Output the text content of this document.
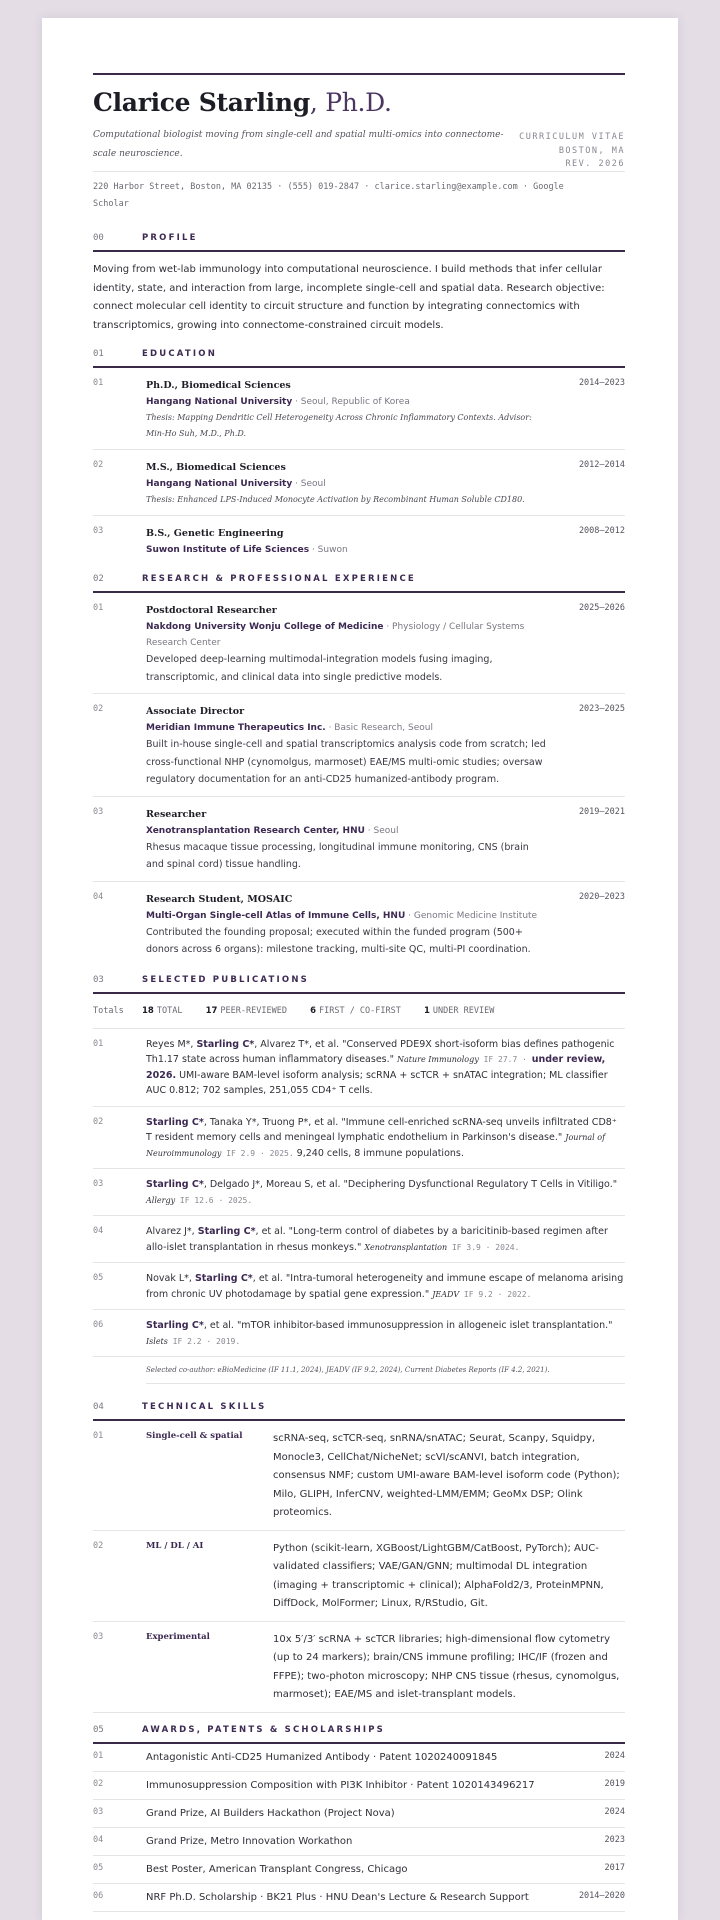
Clarice Starling, Ph.D.
Computational biologist moving from single-cell and spatial multi-omics into connectome-scale neuroscience.
CURRICULUM VITAE
BOSTON, MA
REV. 2026
220 Harbor Street, Boston, MA 02135 · (555) 019-2847 · clarice.starling@example.com · Google Scholar
00	PROFILE
Moving from wet-lab immunology into computational neuroscience. I build methods that infer cellular identity, state, and interaction from large, incomplete single-cell and spatial data. Research objective: connect molecular cell identity to circuit structure and function by integrating connectomics with transcriptomics, growing into connectome-constrained circuit models.
01	EDUCATION
01	2014–2023
Ph.D., Biomedical Sciences
Hangang National University · Seoul, Republic of Korea
Thesis: Mapping Dendritic Cell Heterogeneity Across Chronic Inflammatory Contexts. Advisor: Min-Ho Suh, M.D., Ph.D.
02	2012–2014
M.S., Biomedical Sciences
Hangang National University · Seoul
Thesis: Enhanced LPS-Induced Monocyte Activation by Recombinant Human Soluble CD180.
03	2008–2012
B.S., Genetic Engineering
Suwon Institute of Life Sciences · Suwon
02	RESEARCH & PROFESSIONAL EXPERIENCE
01	2025–2026
Postdoctoral Researcher
Nakdong University Wonju College of Medicine · Physiology / Cellular Systems Research Center
Developed deep-learning multimodal-integration models fusing imaging, transcriptomic, and clinical data into single predictive models.
02	2023–2025
Associate Director
Meridian Immune Therapeutics Inc. · Basic Research, Seoul
Built in-house single-cell and spatial transcriptomics analysis code from scratch; led cross-functional NHP (cynomolgus, marmoset) EAE/MS multi-omic studies; oversaw regulatory documentation for an anti-CD25 humanized-antibody program.
03	2019–2021
Researcher
Xenotransplantation Research Center, HNU · Seoul
Rhesus macaque tissue processing, longitudinal immune monitoring, CNS (brain and spinal cord) tissue handling.
04	2020–2023
Research Student, MOSAIC
Multi-Organ Single-cell Atlas of Immune Cells, HNU · Genomic Medicine Institute
Contributed the founding proposal; executed within the funded program (500+ donors across 6 organs): milestone tracking, multi-site QC, multi-PI coordination.
03	SELECTED PUBLICATIONS
Totals 18 TOTAL	17 PEER-REVIEWED	6 FIRST / CO-FIRST	1 UNDER REVIEW
01	Reyes M*, Starling C*, Alvarez T*, et al. "Conserved PDE9X short-isoform bias defines pathogenic Th1.17 state across human inflammatory diseases." Nature Immunology IF 27.7 · under review, 2026. UMI-aware BAM-level isoform analysis; scRNA + scTCR + snATAC integration; ML classifier AUC 0.812; 702 samples, 251,055 CD4⁺ T cells.
02	Starling C*, Tanaka Y*, Truong P*, et al. "Immune cell-enriched scRNA-seq unveils infiltrated CD8⁺ T resident memory cells and meningeal lymphatic endothelium in Parkinson's disease." Journal of Neuroimmunology IF 2.9 · 2025. 9,240 cells, 8 immune populations.
03	Starling C*, Delgado J*, Moreau S, et al. "Deciphering Dysfunctional Regulatory T Cells in Vitiligo." Allergy IF 12.6 · 2025.
04	Alvarez J*, Starling C*, et al. "Long-term control of diabetes by a baricitinib-based regimen after allo-islet transplantation in rhesus monkeys." Xenotransplantation IF 3.9 · 2024.
05	Novak L*, Starling C*, et al. "Intra-tumoral heterogeneity and immune escape of melanoma arising from chronic UV photodamage by spatial gene expression." JEADV IF 9.2 · 2022.
06	Starling C*, et al. "mTOR inhibitor-based immunosuppression in allogeneic islet transplantation." Islets IF 2.2 · 2019.
Selected co-author: eBioMedicine (IF 11.1, 2024), JEADV (IF 9.2, 2024), Current Diabetes Reports (IF 4.2, 2021).
04	TECHNICAL SKILLS
01	Single-cell & spatial	scRNA-seq, scTCR-seq, snRNA/snATAC; Seurat, Scanpy, Squidpy, Monocle3, CellChat/NicheNet; scVI/scANVI, batch integration, consensus NMF; custom UMI-aware BAM-level isoform code (Python); Milo, GLIPH, InferCNV, weighted-LMM/EMM; GeoMx DSP; Olink proteomics.
02	ML / DL / AI	Python (scikit-learn, XGBoost/LightGBM/CatBoost, PyTorch); AUC-validated classifiers; VAE/GAN/GNN; multimodal DL integration (imaging + transcriptomic + clinical); AlphaFold2/3, ProteinMPNN, DiffDock, MolFormer; Linux, R/RStudio, Git.
03	Experimental	10x 5′/3′ scRNA + scTCR libraries; high-dimensional flow cytometry (up to 24 markers); brain/CNS immune profiling; IHC/IF (frozen and FFPE); two-photon microscopy; NHP CNS tissue (rhesus, cynomolgus, marmoset); EAE/MS and islet-transplant models.
05	AWARDS, PATENTS & SCHOLARSHIPS
01	Antagonistic Anti-CD25 Humanized Antibody · Patent 1020240091845	2024
02	Immunosuppression Composition with PI3K Inhibitor · Patent 1020143496217	2019
03	Grand Prize, AI Builders Hackathon (Project Nova)	2024
04	Grand Prize, Metro Innovation Workathon	2023
05	Best Poster, American Transplant Congress, Chicago	2017
06	NRF Ph.D. Scholarship · BK21 Plus · HNU Dean's Lecture & Research Support	2014–2020
